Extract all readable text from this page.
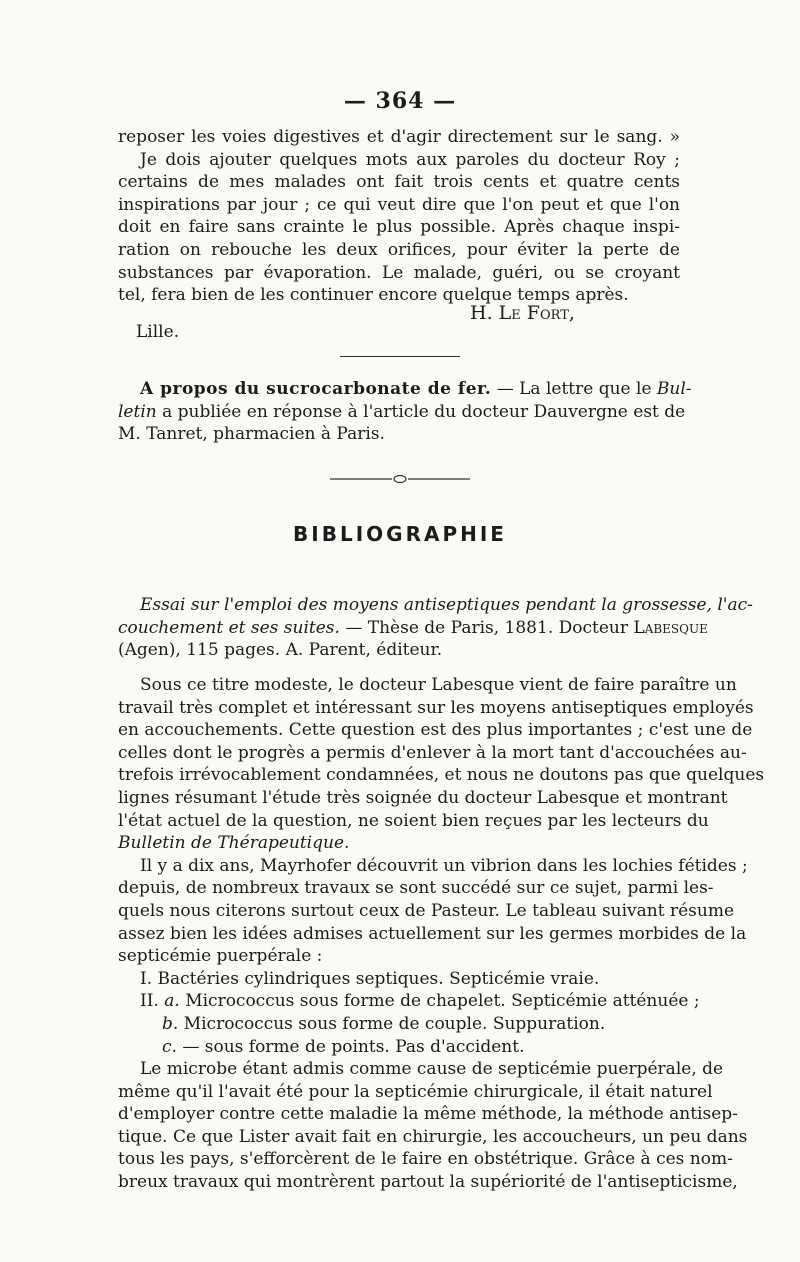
— 364 —
reposer les voies digestives et d'agir directement sur le sang. »
Je dois ajouter quelques mots aux paroles du docteur Roy ;
certains de mes malades ont fait trois cents et quatre cents
inspirations par jour ; ce qui veut dire que l'on peut et que l'on
doit en faire sans crainte le plus possible. Après chaque inspi-
ration on rebouche les deux orifices, pour éviter la perte de
substances par évaporation. Le malade, guéri, ou se croyant
tel, fera bien de les continuer encore quelque temps après.
H. Le Fort,
Lille.
A propos du sucrocarbonate de fer. — La lettre que le Bul-
letin a publiée en réponse à l'article du docteur Dauvergne est de
M. Tanret, pharmacien à Paris.
BIBLIOGRAPHIE
Essai sur l'emploi des moyens antiseptiques pendant la grossesse, l'ac-
couchement et ses suites. — Thèse de Paris, 1881. Docteur Labesque
(Agen), 115 pages. A. Parent, éditeur.
Sous ce titre modeste, le docteur Labesque vient de faire paraître un
travail très complet et intéressant sur les moyens antiseptiques employés
en accouchements. Cette question est des plus importantes ; c'est une de
celles dont le progrès a permis d'enlever à la mort tant d'accouchées au-
trefois irrévocablement condamnées, et nous ne doutons pas que quelques
lignes résumant l'étude très soignée du docteur Labesque et montrant
l'état actuel de la question, ne soient bien reçues par les lecteurs du
Bulletin de Thérapeutique.
Il y a dix ans, Mayrhofer découvrit un vibrion dans les lochies fétides ;
depuis, de nombreux travaux se sont succédé sur ce sujet, parmi les-
quels nous citerons surtout ceux de Pasteur. Le tableau suivant résume
assez bien les idées admises actuellement sur les germes morbides de la
septicémie puerpérale :
I. Bactéries cylindriques septiques. Septicémie vraie.
II. a. Micrococcus sous forme de chapelet. Septicémie atténuée ;
b. Micrococcus sous forme de couple. Suppuration.
c. — sous forme de points. Pas d'accident.
Le microbe étant admis comme cause de septicémie puerpérale, de
même qu'il l'avait été pour la septicémie chirurgicale, il était naturel
d'employer contre cette maladie la même méthode, la méthode antisep-
tique. Ce que Lister avait fait en chirurgie, les accoucheurs, un peu dans
tous les pays, s'efforcèrent de le faire en obstétrique. Grâce à ces nom-
breux travaux qui montrèrent partout la supériorité de l'antisepticisme,
